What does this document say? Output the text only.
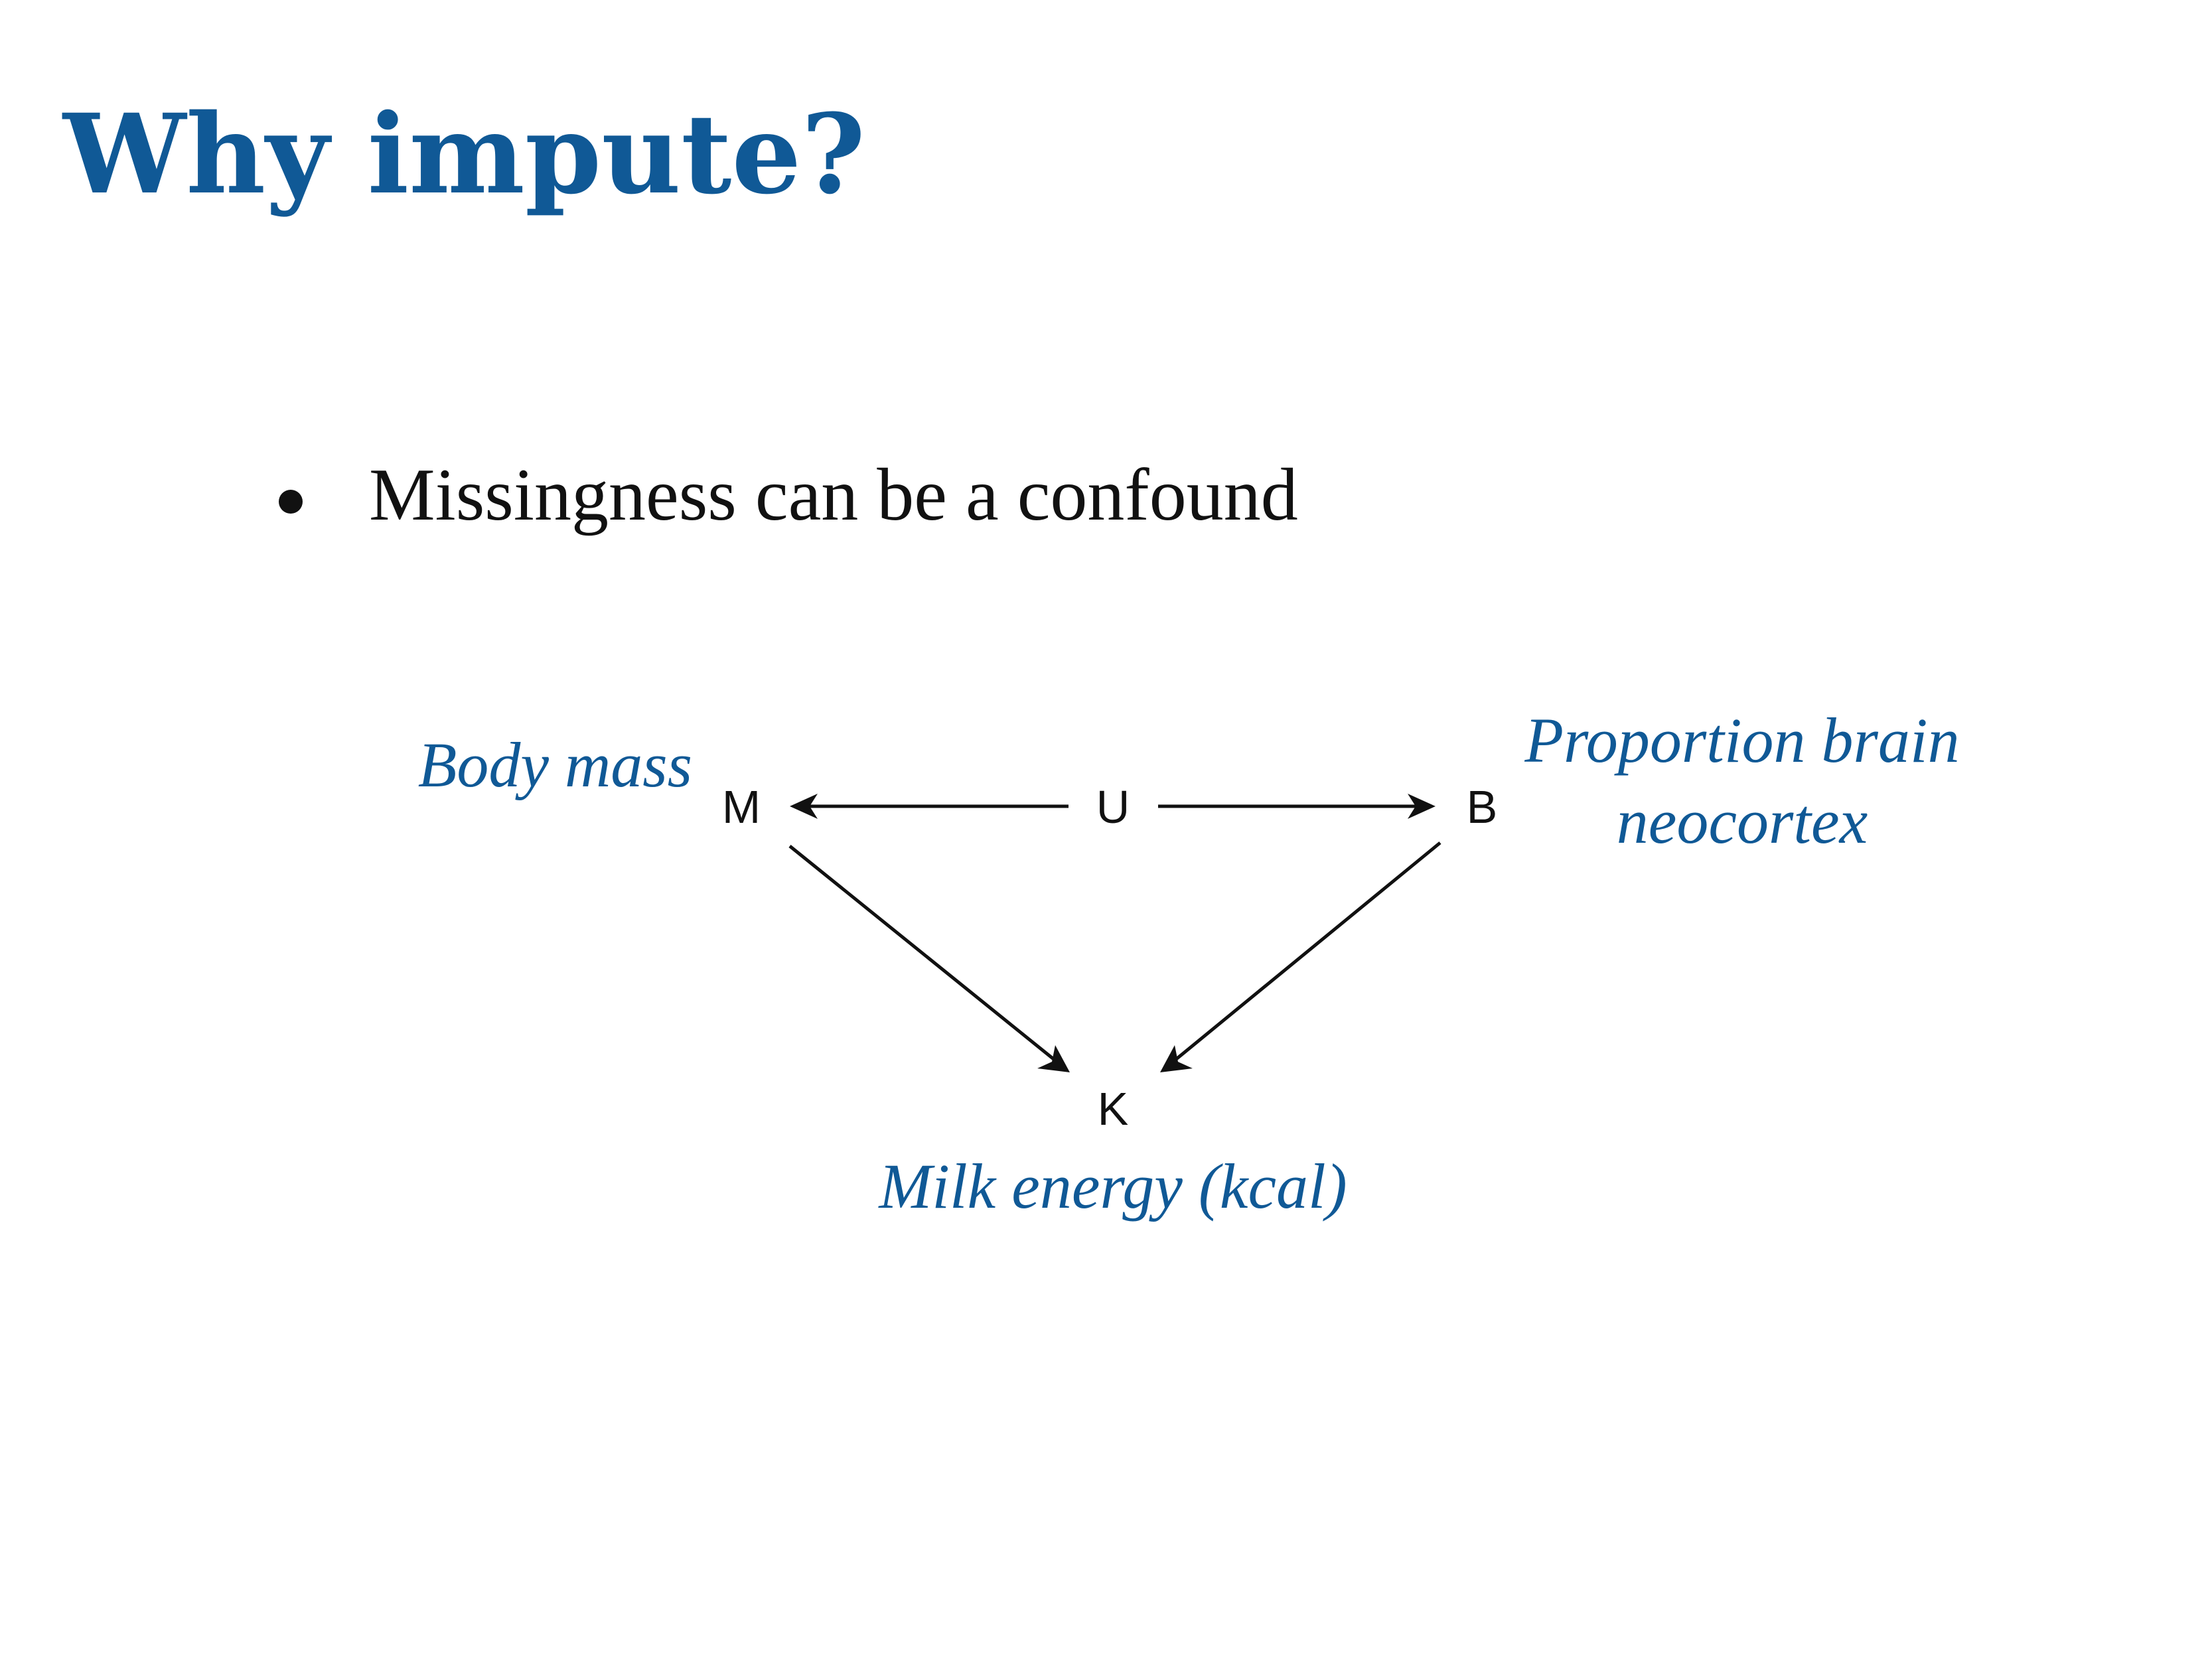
Why impute?
Missingness can be a confound
M	U	B
K
Body mass	Proportion brain
neocortex
Milk energy (kcal)
